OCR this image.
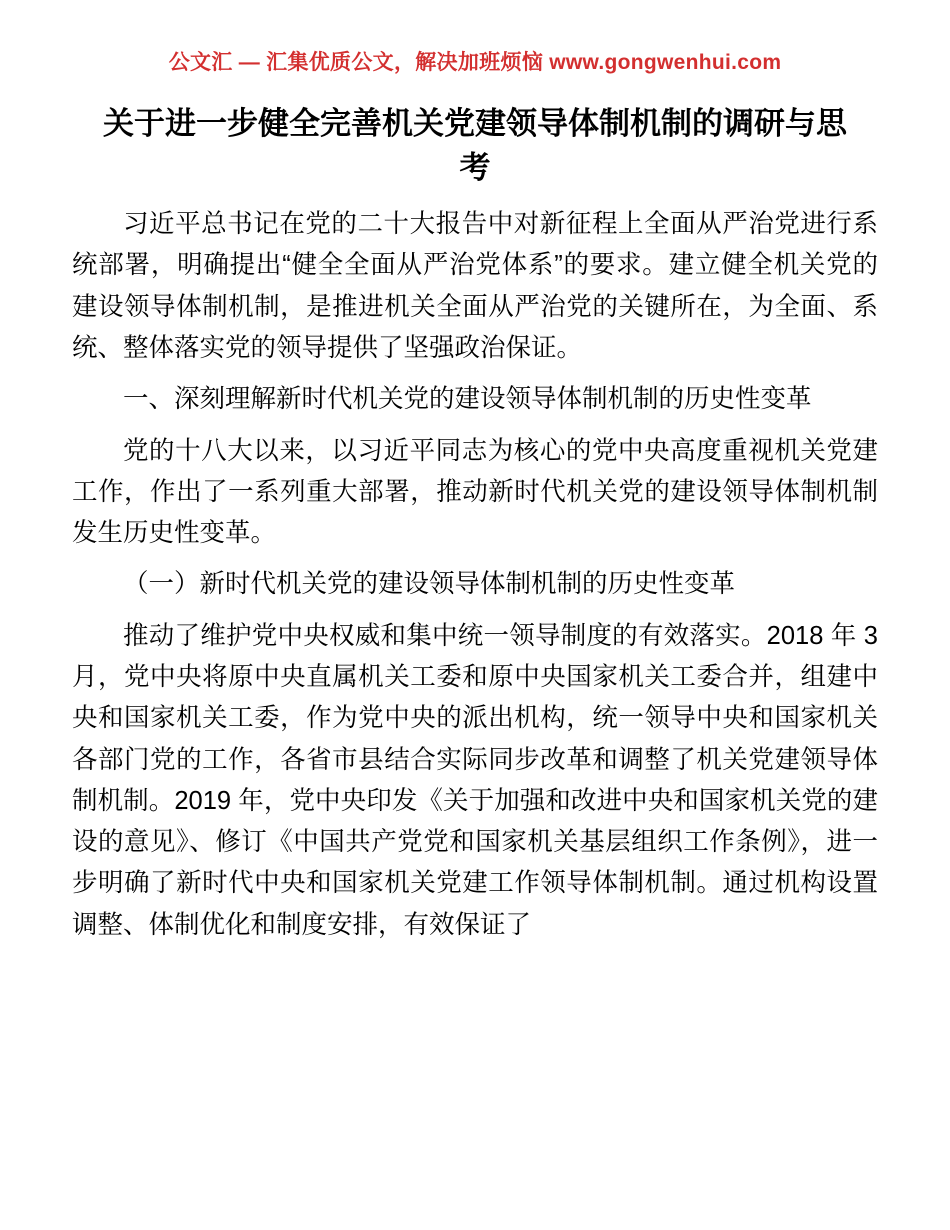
公文汇 — 汇集优质公文，解决加班烦恼 www.gongwenhui.com
关于进一步健全完善机关党建领导体制机制的调研与思考

习近平总书记在党的二十大报告中对新征程上全面从严治党进行系统部署，明确提出“健全全面从严治党体系”的要求。建立健全机关党的建设领导体制机制，是推进机关全面从严治党的关键所在，为全面、系统、整体落实党的领导提供了坚强政治保证。

一、深刻理解新时代机关党的建设领导体制机制的历史性变革

党的十八大以来，以习近平同志为核心的党中央高度重视机关党建工作，作出了一系列重大部署，推动新时代机关党的建设领导体制机制发生历史性变革。

（一）新时代机关党的建设领导体制机制的历史性变革

推动了维护党中央权威和集中统一领导制度的有效落实。2018 年 3 月，党中央将原中央直属机关工委和原中央国家机关工委合并，组建中央和国家机关工委，作为党中央的派出机构，统一领导中央和国家机关各部门党的工作，各省市县结合实际同步改革和调整了机关党建领导体制机制。2019 年，党中央印发《关于加强和改进中央和国家机关党的建设的意见》、修订《中国共产党党和国家机关基层组织工作条例》，进一步明确了新时代中央和国家机关党建工作领导体制机制。通过机构设置调整、体制优化和制度安排，有效保证了
